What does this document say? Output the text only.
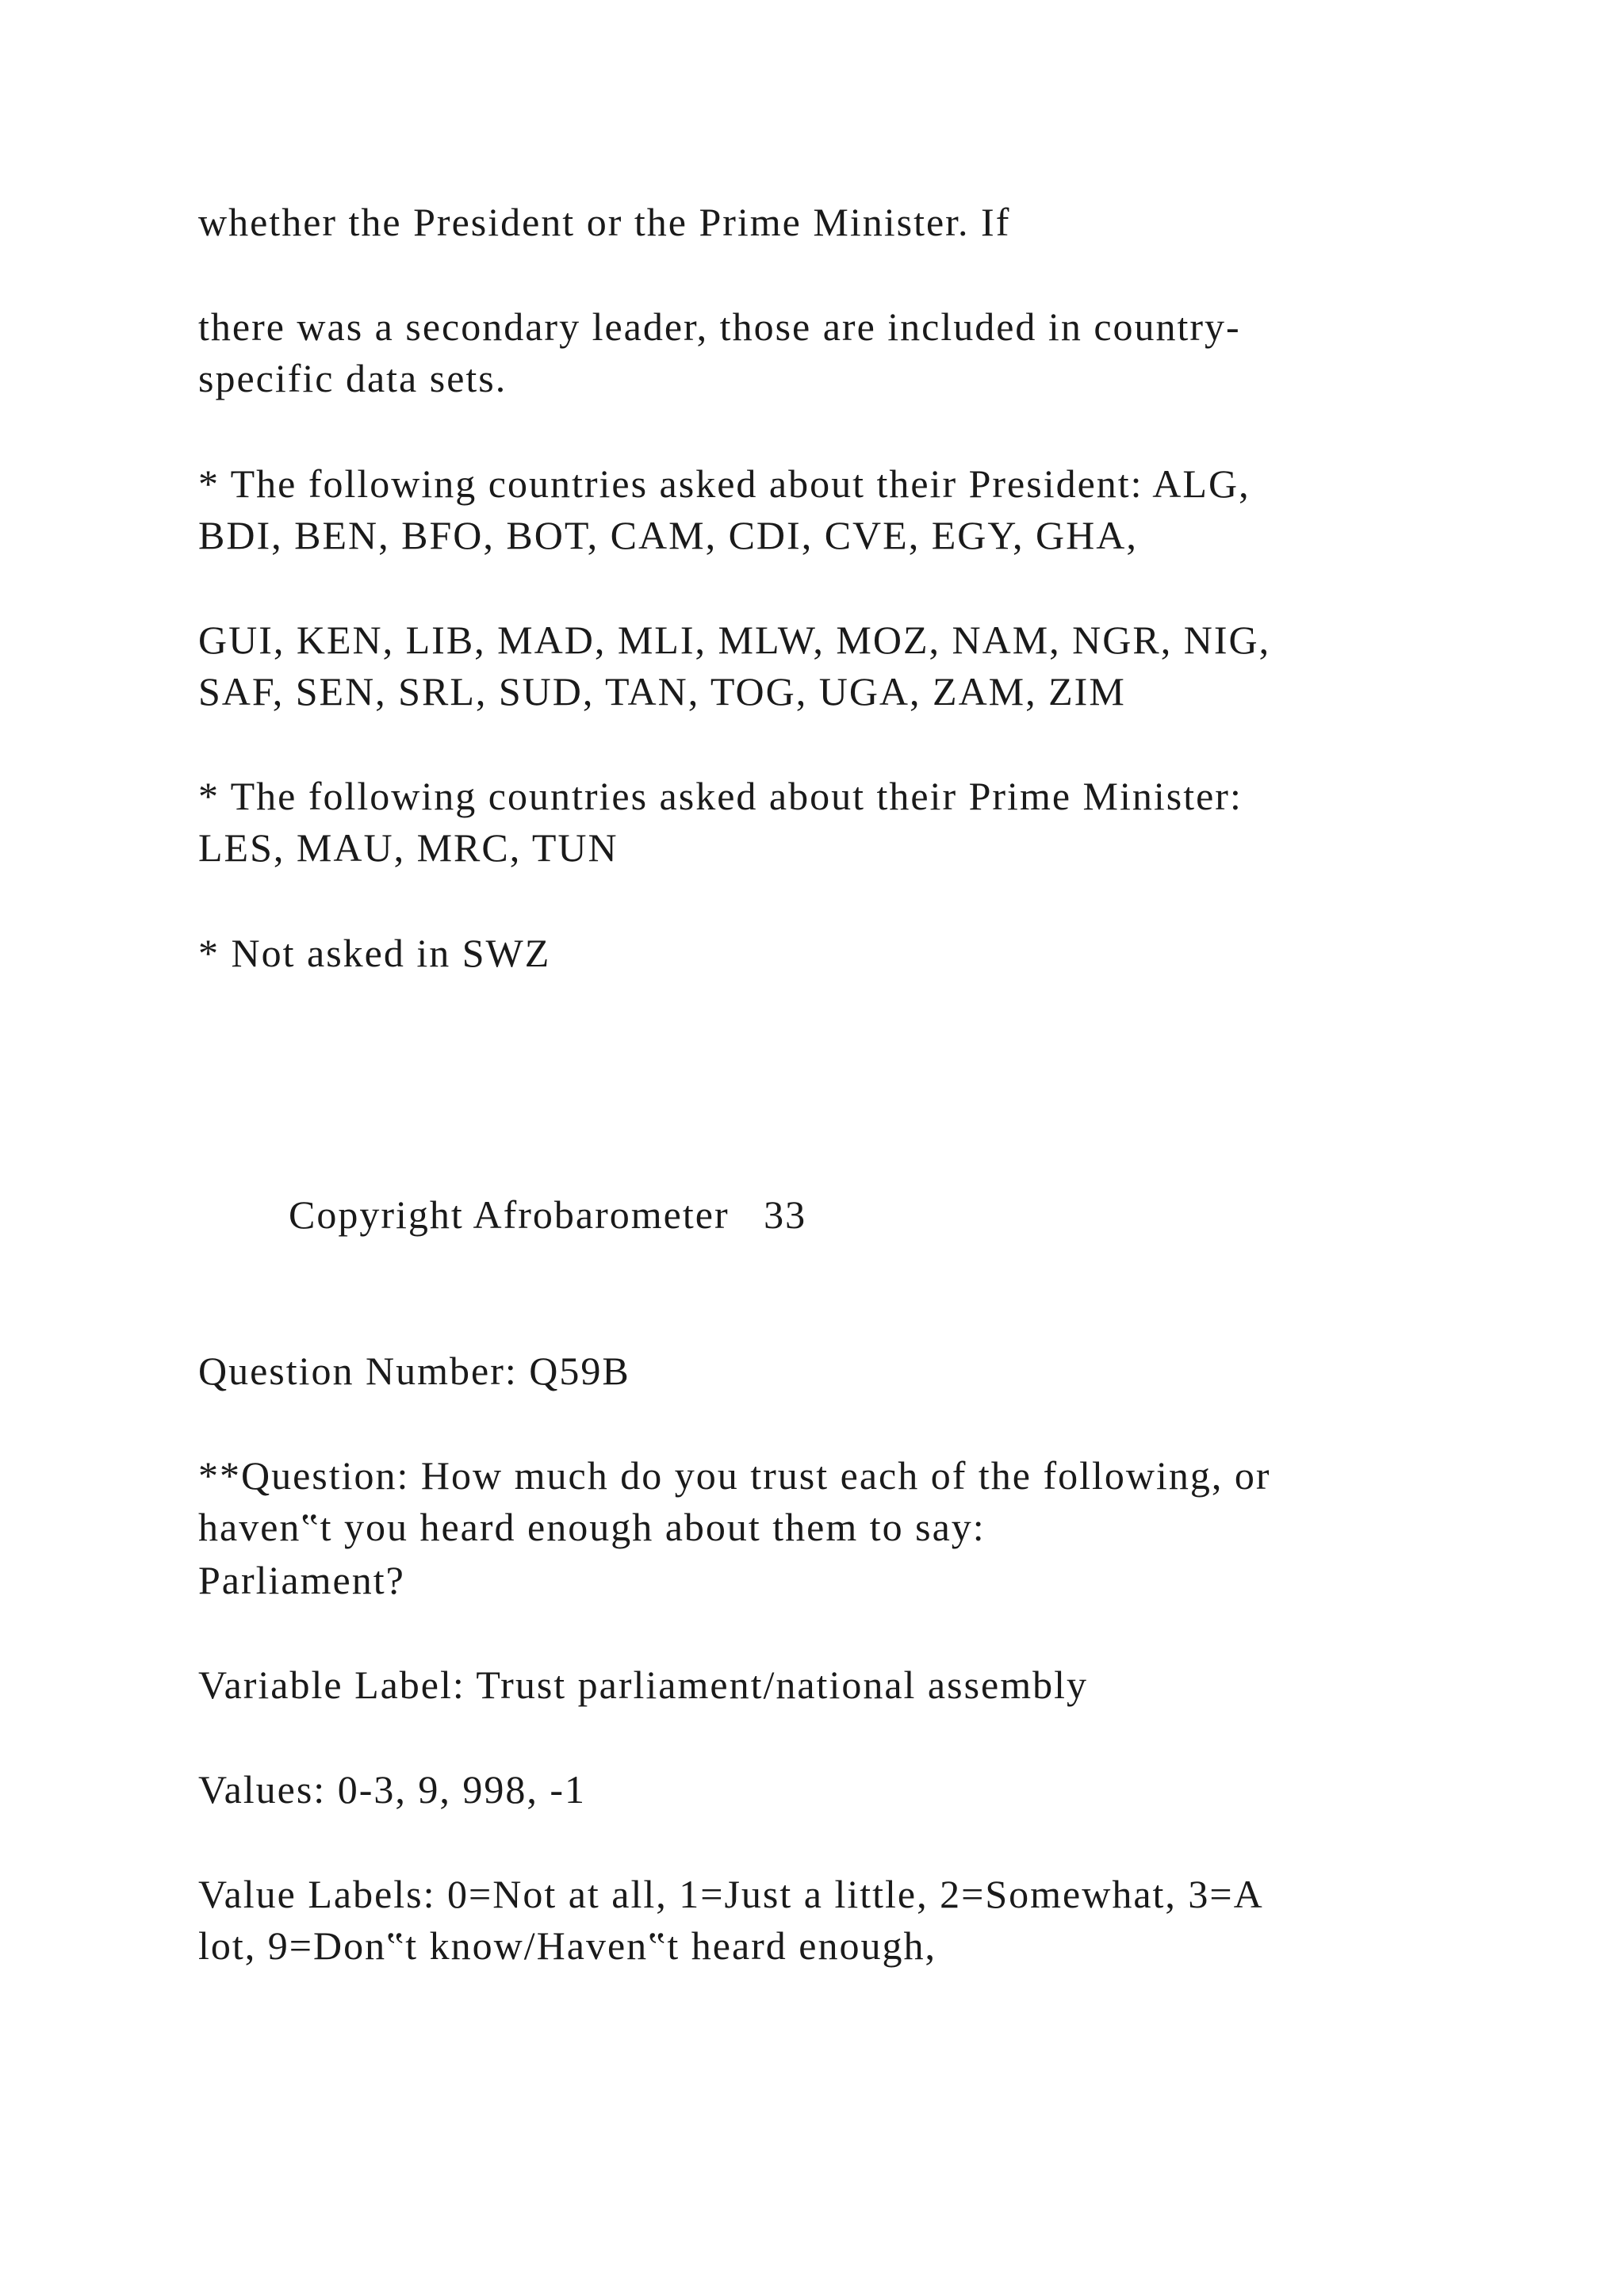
whether the President or the Prime Minister. If

there was a secondary leader, those are included in country-
specific data sets.

* The following countries asked about their President: ALG,
BDI, BEN, BFO, BOT, CAM, CDI, CVE, EGY, GHA,

GUI, KEN, LIB, MAD, MLI, MLW, MOZ, NAM, NGR, NIG,
SAF, SEN, SRL, SUD, TAN, TOG, UGA, ZAM, ZIM

* The following countries asked about their Prime Minister:
LES, MAU, MRC, TUN

* Not asked in SWZ

Copyright Afrobarometer   33

Question Number: Q59B

**Question: How much do you trust each of the following, or
haven‟t you heard enough about them to say:

Parliament?

Variable Label: Trust parliament/national assembly

Values: 0-3, 9, 998, -1

Value Labels: 0=Not at all, 1=Just a little, 2=Somewhat, 3=A
lot, 9=Don‟t know/Haven‟t heard enough,
